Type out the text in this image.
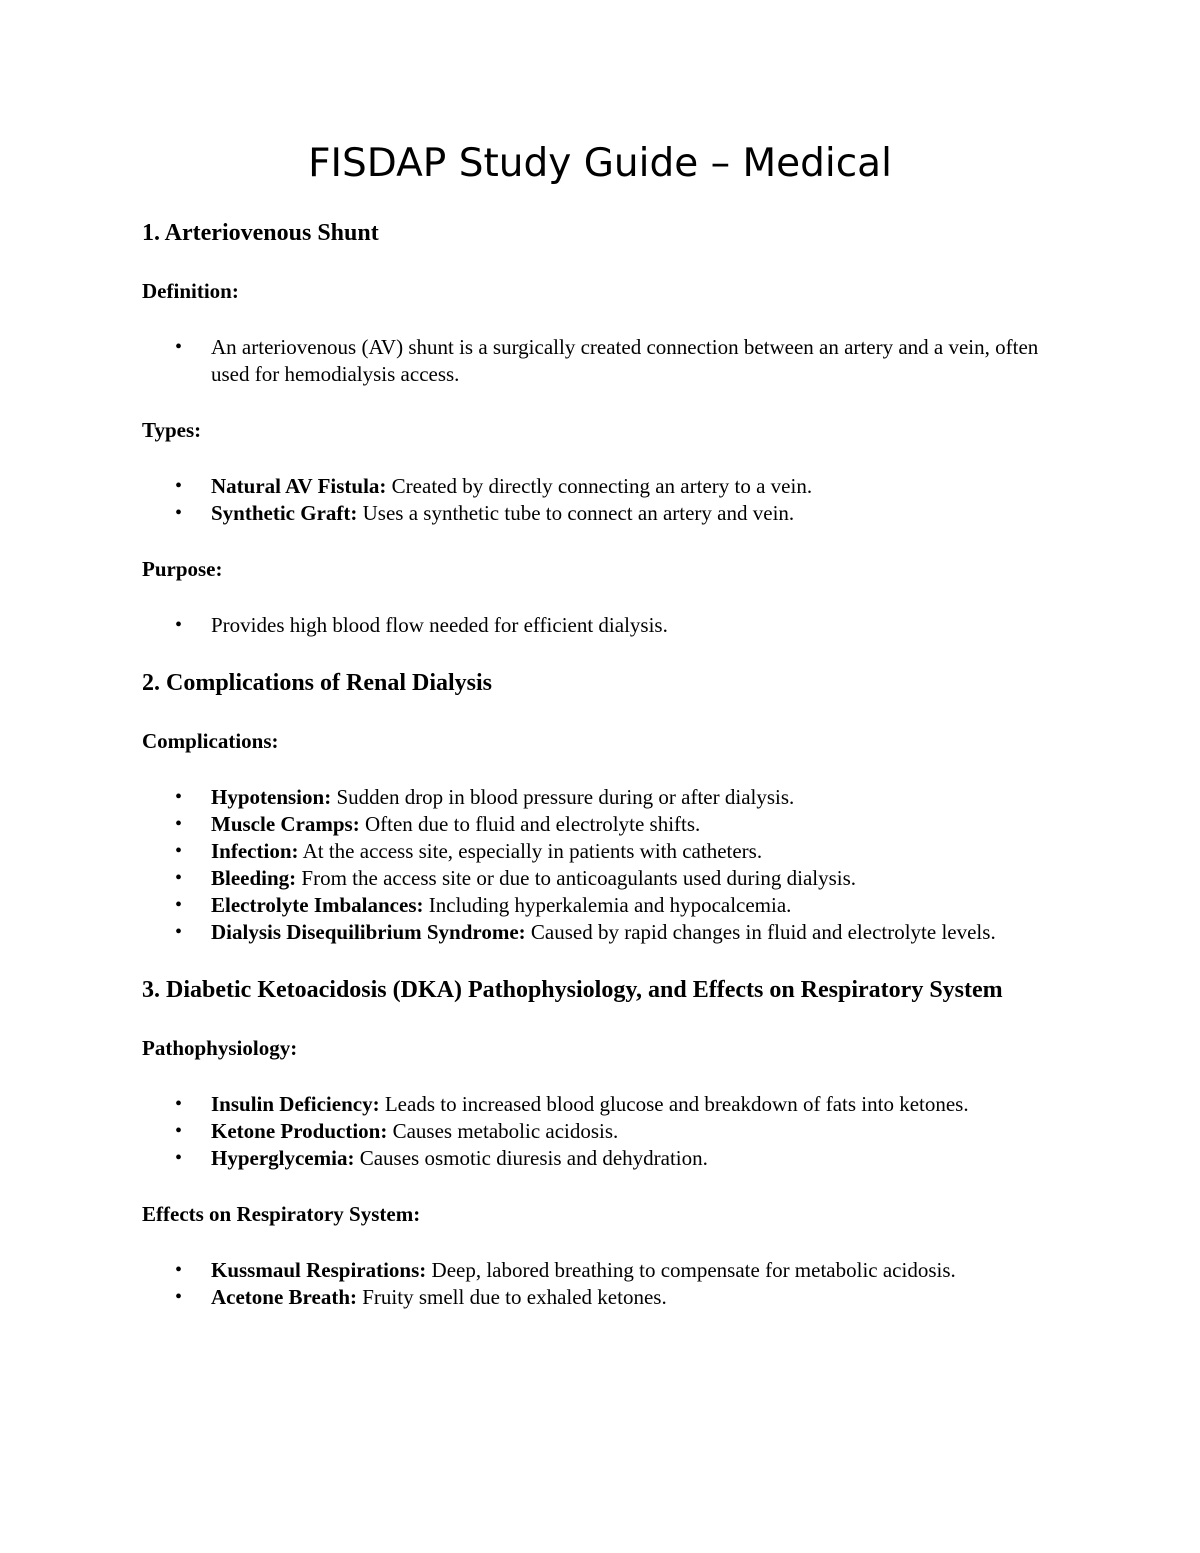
FISDAP Study Guide – Medical
1. Arteriovenous Shunt

Definition:

• An arteriovenous (AV) shunt is a surgically created connection between an artery and a vein, often used for hemodialysis access.

Types:

• Natural AV Fistula: Created by directly connecting an artery to a vein.
• Synthetic Graft: Uses a synthetic tube to connect an artery and vein.

Purpose:

• Provides high blood flow needed for efficient dialysis.
2. Complications of Renal Dialysis

Complications:

• Hypotension: Sudden drop in blood pressure during or after dialysis.
• Muscle Cramps: Often due to fluid and electrolyte shifts.
• Infection: At the access site, especially in patients with catheters.
• Bleeding: From the access site or due to anticoagulants used during dialysis.
• Electrolyte Imbalances: Including hyperkalemia and hypocalcemia.
• Dialysis Disequilibrium Syndrome: Caused by rapid changes in fluid and electrolyte levels.
3. Diabetic Ketoacidosis (DKA) Pathophysiology, and Effects on Respiratory System

Pathophysiology:

• Insulin Deficiency: Leads to increased blood glucose and breakdown of fats into ketones.
• Ketone Production: Causes metabolic acidosis.
• Hyperglycemia: Causes osmotic diuresis and dehydration.

Effects on Respiratory System:

• Kussmaul Respirations: Deep, labored breathing to compensate for metabolic acidosis.
• Acetone Breath: Fruity smell due to exhaled ketones.
